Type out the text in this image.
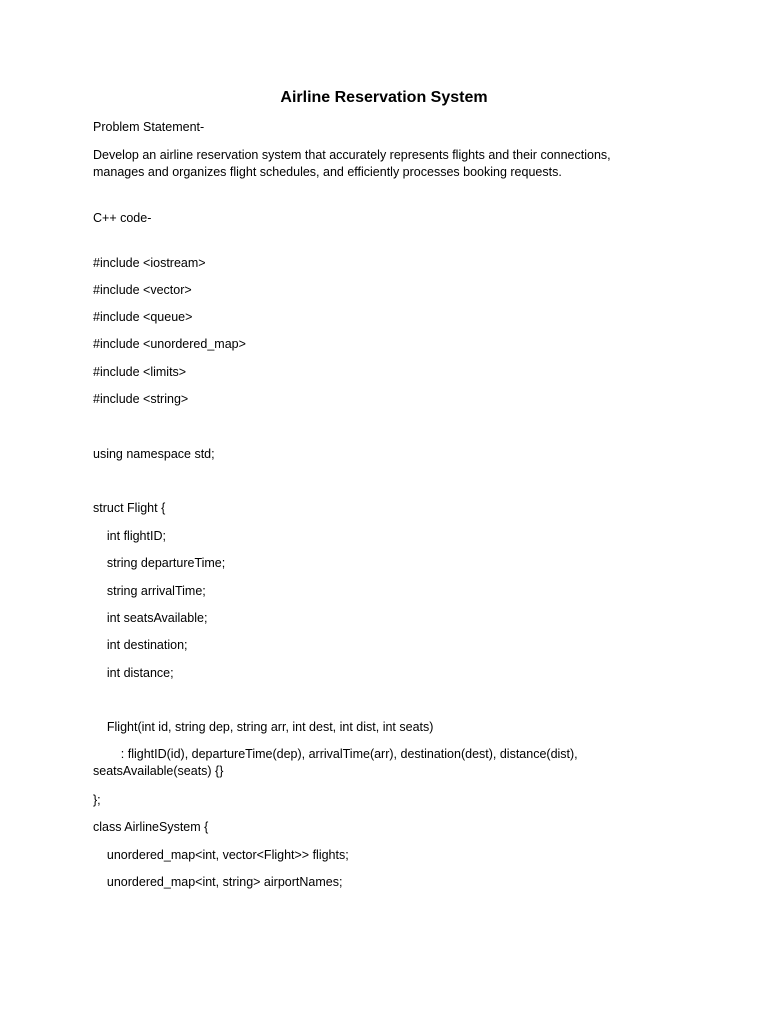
Airline Reservation System
Problem Statement-
Develop an airline reservation system that accurately represents flights and their connections, manages and organizes flight schedules, and efficiently processes booking requests.
C++ code-
#include <iostream>
#include <vector>
#include <queue>
#include <unordered_map>
#include <limits>
#include <string>
using namespace std;
struct Flight {
int flightID;
string departureTime;
string arrivalTime;
int seatsAvailable;
int destination;
int distance;
Flight(int id, string dep, string arr, int dest, int dist, int seats)
: flightID(id), departureTime(dep), arrivalTime(arr), destination(dest), distance(dist), seatsAvailable(seats) {}
};
class AirlineSystem {
unordered_map<int, vector<Flight>> flights;
unordered_map<int, string> airportNames;
